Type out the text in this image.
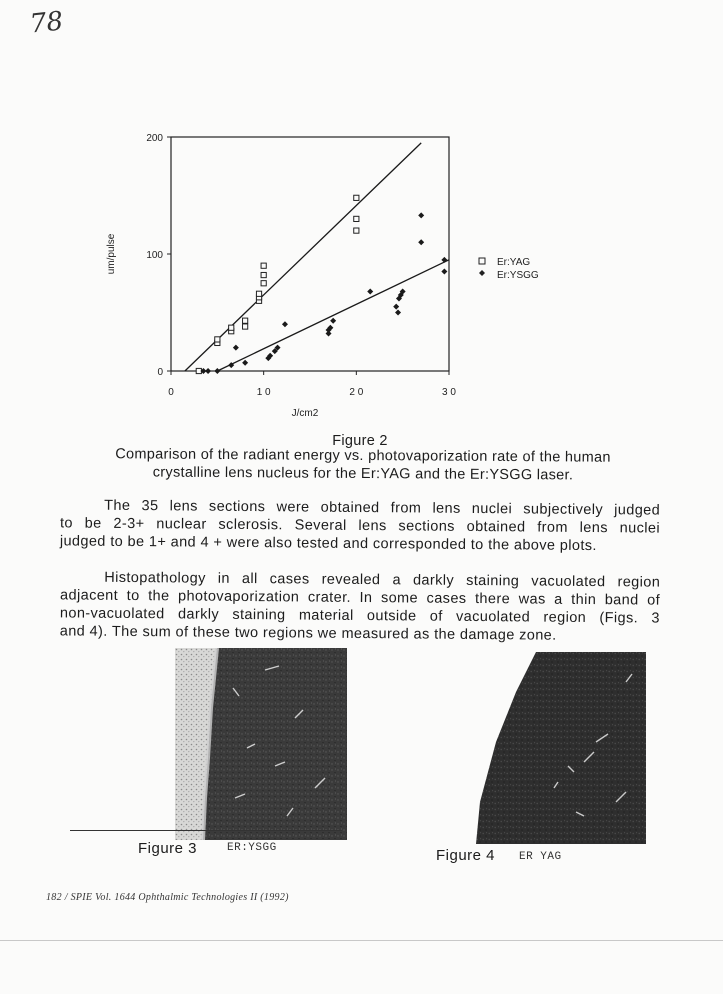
78
0	1 0	2 0	3 0
0
100
200
J/cm2
um/pulse	Er:YAG
Er:YSGG
Figure 2
Comparison of the radiant energy vs. photovaporization rate of the human
crystalline lens nucleus for the Er:YAG and the Er:YSGG laser.
The 35 lens sections were obtained from lens nuclei subjectively judged
to be 2-3+ nuclear sclerosis. Several lens sections obtained from lens nuclei
judged to be 1+ and 4 + were also tested and corresponded to the above plots.
Histopathology in all cases revealed a darkly staining vacuolated region
adjacent to the photovaporization crater. In some cases there was a thin band of
non-vacuolated darkly staining material outside of vacuolated region (Figs. 3
and 4). The sum of these two regions we measured as the damage zone.
Figure 3	ER:YSGG	Figure 4 ER YAG
182 / SPIE Vol. 1644 Ophthalmic Technologies II (1992)
